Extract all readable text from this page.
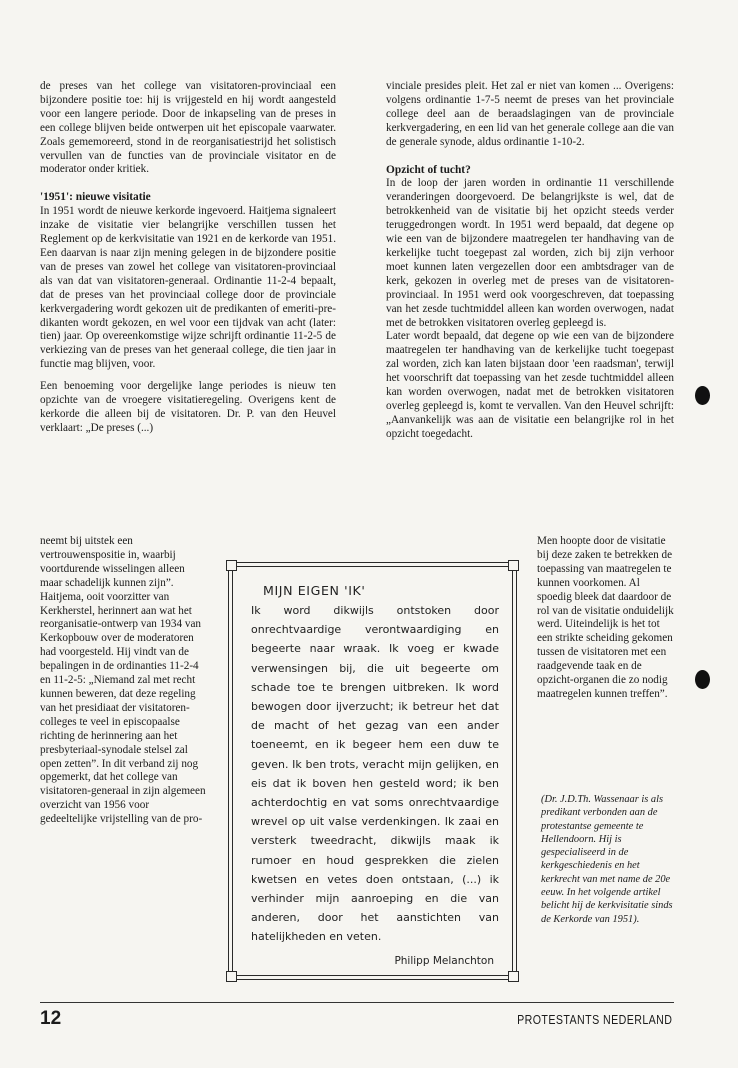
de preses van het college van visitatoren-provinciaal een bijzondere positie toe: hij is vrijgesteld en hij wordt aangesteld voor een langere periode. Door de inkapseling van de preses in een college blijven beide ontwerpen uit het episcopale vaarwater. Zoals gememoreerd, stond in de reorganisatiestrijd het solistisch vervullen van de functies van de provinciale visitator en de moderator onder kritiek.

'1951': nieuwe visitatie

In 1951 wordt de nieuwe kerkorde ingevoerd. Haitjema signaleert inzake de visitatie vier belangrijke verschillen tussen het Reglement op de kerkvisitatie van 1921 en de kerkorde van 1951. Een daarvan is naar zijn mening gelegen in de bijzondere positie van de preses van zowel het college van visitatoren-provinciaal als van dat van visitatoren-generaal. Ordinantie 11-2-4 bepaalt, dat de preses van het provinciaal college door de provinciale kerkvergadering wordt gekozen uit de predikanten of emeriti-predikanten wordt gekozen, en wel voor een tijdvak van acht (later: tien) jaar. Op overeenkomstige wijze schrijft ordinantie 11-2-5 de verkiezing van de preses van het generaal college, die tien jaar in functie mag blijven, voor.

Een benoeming voor dergelijke lange periodes is nieuw ten opzichte van de vroegere visitatieregeling. Overigens kent de kerkorde die alleen bij de visitatoren. Dr. P. van den Heuvel verklaart: „De preses (...)

neemt bij uitstek een vertrouwenspositie in, waarbij voortdurende wisselingen alleen maar schadelijk kunnen zijn”. Haitjema, ooit voorzitter van Kerkherstel, herinnert aan wat het reorganisatie-ontwerp van 1934 van Kerkopbouw over de moderatoren had voorgesteld. Hij vindt van de bepalingen in de ordinanties 11-2-4 en 11-2-5: „Niemand zal met recht kunnen beweren, dat deze regeling van het presidiaat der visitatoren-colleges te veel in episcopaalse richting de herinnering aan het presbyteriaal-synodale stelsel zal open zetten”. In dit verband zij nog opgemerkt, dat het college van visitatoren-generaal in zijn algemeen overzicht van 1956 voor gedeeltelijke vrijstelling van de pro-

vinciale presides pleit. Het zal er niet van komen ... Overigens: volgens ordinantie 1-7-5 neemt de preses van het provinciale college deel aan de beraadslagingen van de provinciale kerkvergadering, en een lid van het generale college aan die van de generale synode, aldus ordinantie 1-10-2.

Opzicht of tucht?

In de loop der jaren worden in ordinantie 11 verschillende veranderingen doorgevoerd. De belangrijkste is wel, dat de betrokkenheid van de visitatie bij het opzicht steeds verder teruggedrongen wordt. In 1951 werd bepaald, dat degene op wie een van de bijzondere maatregelen ter handhaving van de kerkelijke tucht toegepast zal worden, zich bij zijn verhoor moet kunnen laten vergezellen door een ambtsdrager van de kerk, gekozen in overleg met de preses van de visitatoren-provinciaal. In 1951 werd ook voorgeschreven, dat toepassing van het zesde tuchtmiddel alleen kan worden overwogen, nadat met de betrokken visitatoren overleg gepleegd is.

Later wordt bepaald, dat degene op wie een van de bijzondere maatregelen ter handhaving van de kerkelijke tucht toegepast zal worden, zich kan laten bijstaan door 'een raadsman', terwijl het voorschrift dat toepassing van het zesde tuchtmiddel alleen kan worden overwogen, nadat met de betrokken visitatoren overleg gepleegd is, komt te vervallen. Van den Heuvel schrijft: „Aanvankelijk was aan de visitatie een belangrijke rol in het opzicht toegedacht.

Men hoopte door de visitatie bij deze zaken te betrekken de toepassing van maatregelen te kunnen voorkomen. Al spoedig bleek dat daardoor de rol van de visitatie onduidelijk werd. Uiteindelijk is het tot een strikte scheiding gekomen tussen de visitatoren met een raadgevende taak en de opzicht-organen die zo nodig maatregelen kunnen treffen”.

(Dr. J.D.Th. Wassenaar is als predikant verbonden aan de protestantse gemeente te Hellendoorn. Hij is gespecialiseerd in de kerkgeschiedenis en het kerkrecht van met name de 20e eeuw. In het volgende artikel belicht hij de kerkvisitatie sinds de Kerkorde van 1951).
MIJN EIGEN 'IK'
Ik word dikwijls ontstoken door onrechtvaardige verontwaardiging en begeerte naar wraak. Ik voeg er kwade verwensingen bij, die uit begeerte om schade toe te brengen uitbreken. Ik word bewogen door ijverzucht; ik betreur het dat de macht of het gezag van een ander toeneemt, en ik begeer hem een duw te geven. Ik ben trots, veracht mijn gelijken, en eis dat ik boven hen gesteld word; ik ben achterdochtig en vat soms onrechtvaardige wrevel op uit valse verdenkingen. Ik zaai en versterk tweedracht, dikwijls maak ik rumoer en houd gesprekken die zielen kwetsen en vetes doen ontstaan, (...) ik verhinder mijn aanroeping en die van anderen, door het aanstichten van hatelijkheden en veten.
Philipp Melanchton
12	PROTESTANTS NEDERLAND
